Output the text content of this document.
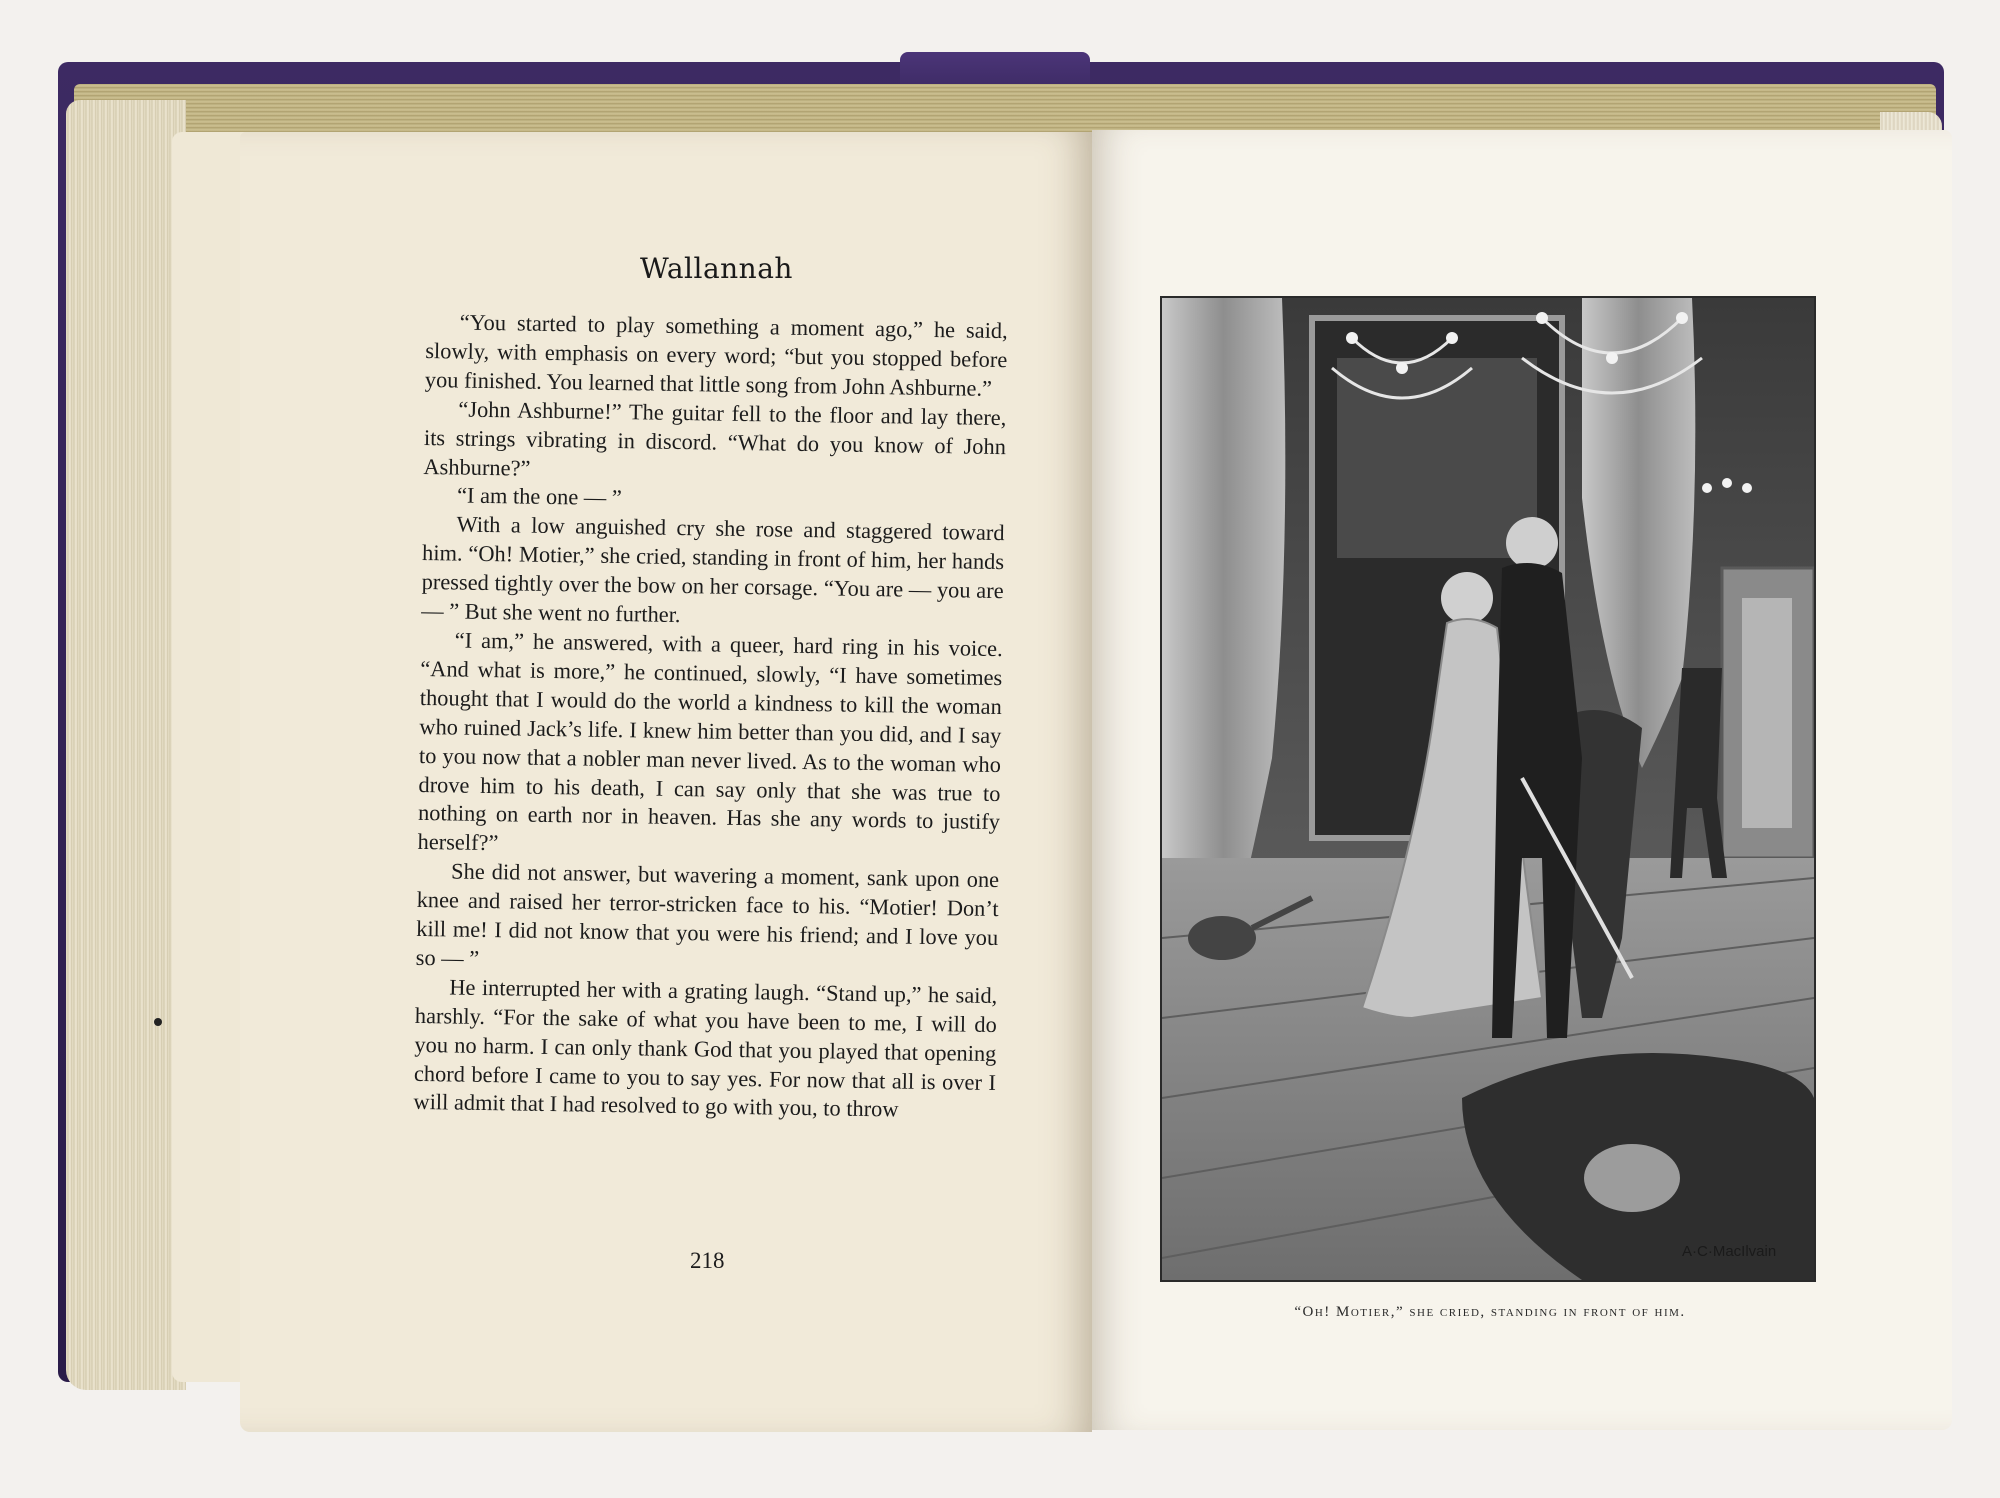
Wallannah

“You started to play something a moment ago,” he said, slowly, with emphasis on every word; “but you stopped before you finished. You learned that little song from John Ashburne.”

“John Ashburne!” The guitar fell to the floor and lay there, its strings vibrating in discord. “What do you know of John Ashburne?”

“I am the one — ”

With a low anguished cry she rose and staggered toward him. “Oh! Motier,” she cried, standing in front of him, her hands pressed tightly over the bow on her corsage. “You are — you are — ” But she went no further.

“I am,” he answered, with a queer, hard ring in his voice. “And what is more,” he continued, slowly, “I have sometimes thought that I would do the world a kindness to kill the woman who ruined Jack’s life. I knew him better than you did, and I say to you now that a nobler man never lived. As to the woman who drove him to his death, I can say only that she was true to nothing on earth nor in heaven. Has she any words to justify herself?”

She did not answer, but wavering a moment, sank upon one knee and raised her terror-stricken face to his. “Motier! Don’t kill me! I did not know that you were his friend; and I love you so — ”

He interrupted her with a grating laugh. “Stand up,” he said, harshly. “For the sake of what you have been to me, I will do you no harm. I can only thank God that you played that opening chord before I came to you to say yes. For now that all is over I will admit that I had resolved to go with you, to throw

218	A·C·MacIlvain
“Oh! Motier,” she cried, standing in front of him.
